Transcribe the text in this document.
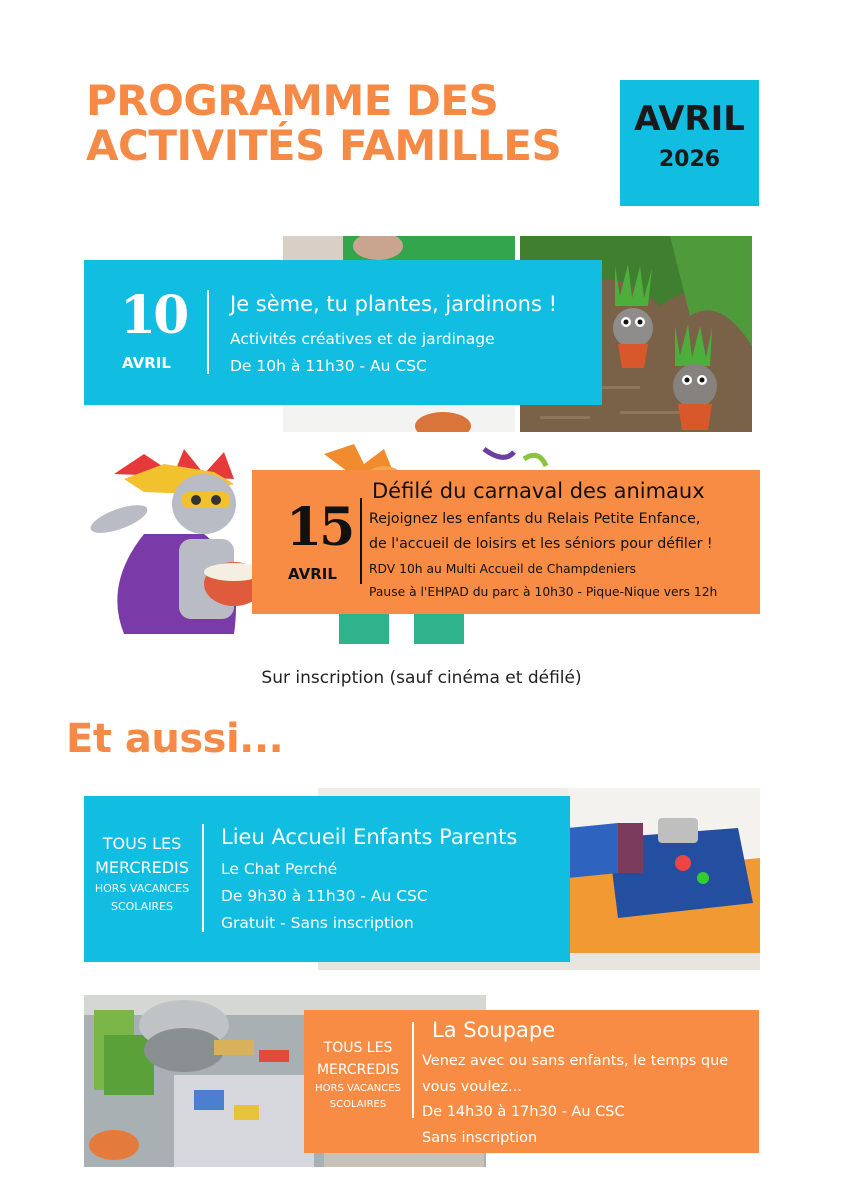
PROGRAMME DES
ACTIVITÉS FAMILLES
AVRIL
2026
10
AVRIL
Je sème, tu plantes, jardinons !
Activités créatives et de jardinage
De 10h à 11h30 - Au CSC
15
AVRIL
Défilé du carnaval des animaux
Rejoignez les enfants du Relais Petite Enfance,
de l'accueil de loisirs et les séniors pour défiler !
RDV 10h au Multi Accueil de Champdeniers
Pause à l'EHPAD du parc à 10h30 - Pique-Nique vers 12h
Sur inscription (sauf cinéma et défilé)
Et aussi...
TOUS LES
MERCREDIS
HORS VACANCES
SCOLAIRES
Lieu Accueil Enfants Parents
Le Chat Perché
De 9h30 à 11h30 - Au CSC
Gratuit - Sans inscription
TOUS LES
MERCREDIS
HORS VACANCES
SCOLAIRES
La Soupape
Venez avec ou sans enfants, le temps que
vous voulez...
De 14h30 à 17h30 - Au CSC
Sans inscription
